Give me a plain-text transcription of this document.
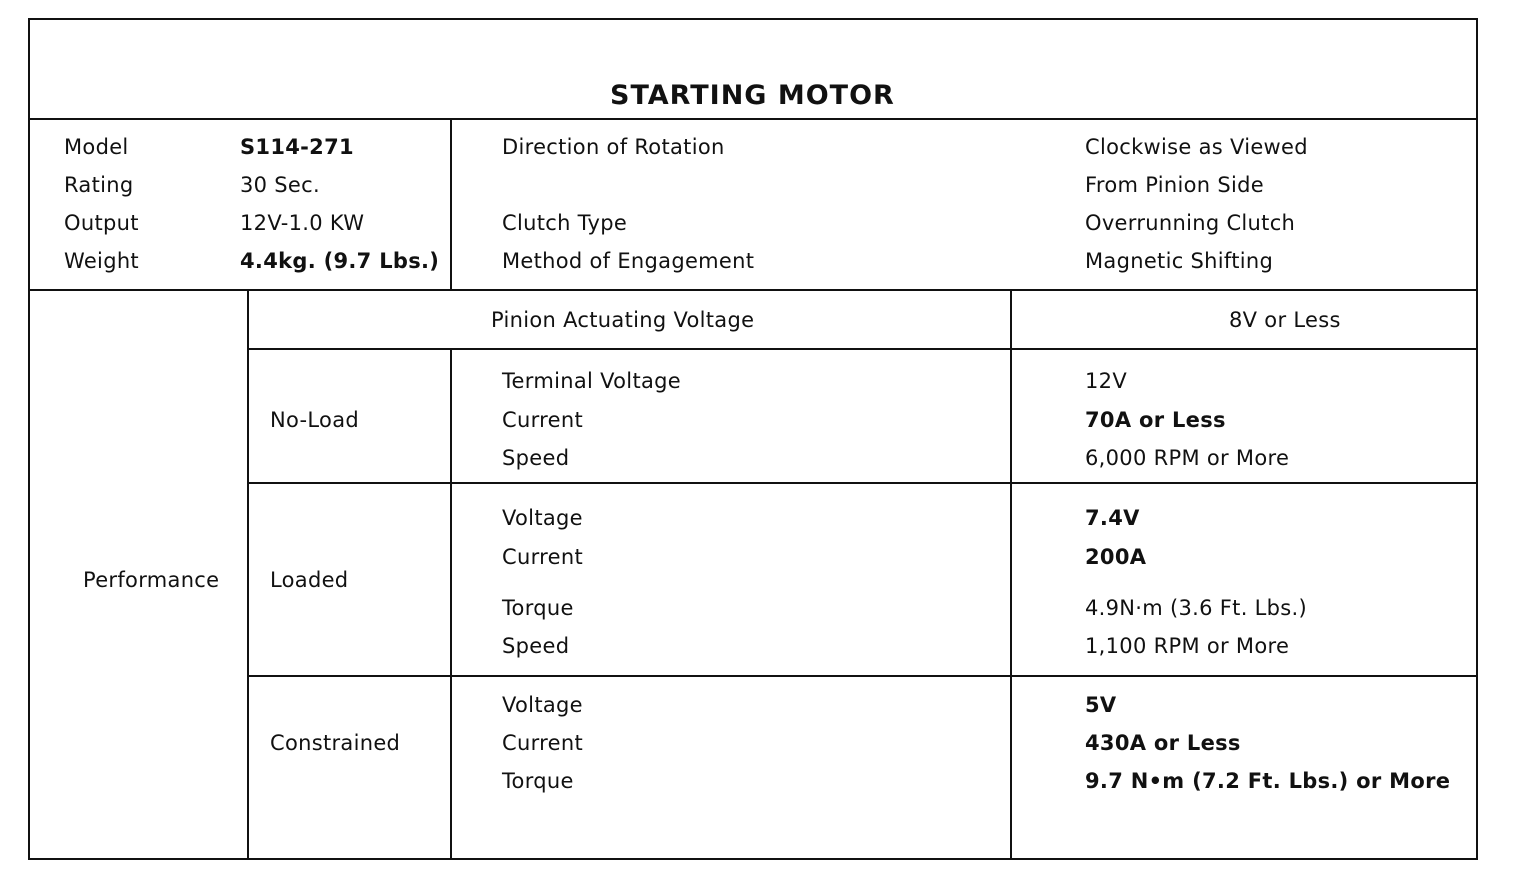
STARTING MOTOR
Model	S114-271
Rating	30 Sec.
Output	12V-1.0 KW
Weight	4.4kg. (9.7 Lbs.)
Direction of Rotation	Clockwise as Viewed
From Pinion Side
Clutch Type	Overrunning Clutch
Method of Engagement	Magnetic Shifting
Performance
Pinion Actuating Voltage	8V or Less
No-Load
Terminal Voltage	12V
Current	70A or Less
Speed	6,000 RPM or More
Loaded
Voltage	7.4V
Current	200A
Torque	4.9N·m (3.6 Ft. Lbs.)
Speed	1,100 RPM or More
Constrained
Voltage	5V
Current	430A or Less
Torque	9.7 N•m (7.2 Ft. Lbs.) or More
